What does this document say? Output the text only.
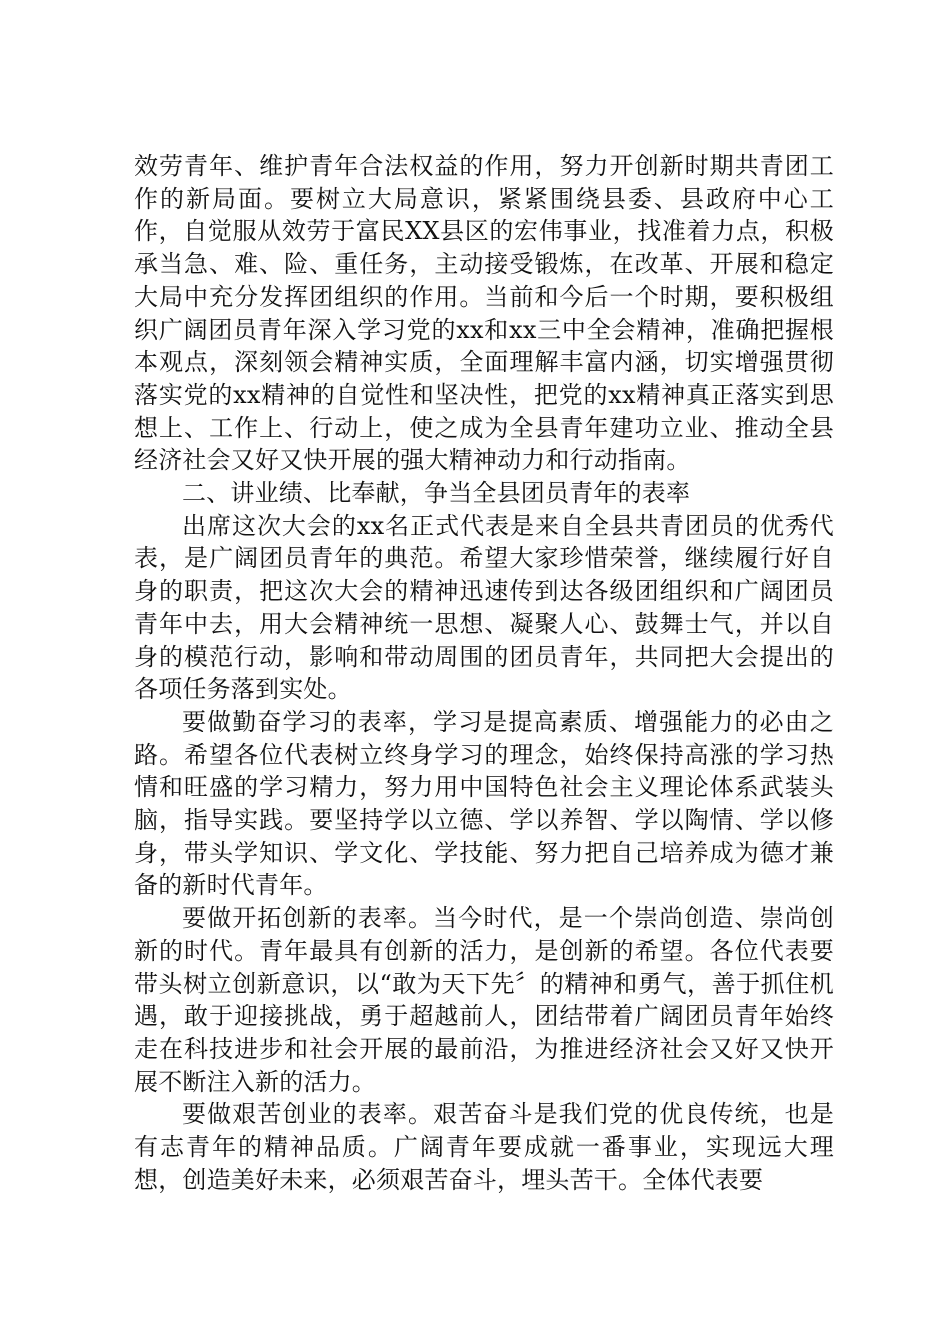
效劳青年、维护青年合法权益的作用，努力开创新时期共青团工作的新局面。要树立大局意识，紧紧围绕县委、县政府中心工作，自觉服从效劳于富民XX县区的宏伟事业，找准着力点，积极承当急、难、险、重任务，主动接受锻炼，在改革、开展和稳定大局中充分发挥团组织的作用。当前和今后一个时期，要积极组织广阔团员青年深入学习党的xx和xx三中全会精神，准确把握根本观点，深刻领会精神实质，全面理解丰富内涵，切实增强贯彻落实党的xx精神的自觉性和坚决性，把党的xx精神真正落实到思想上、工作上、行动上，使之成为全县青年建功立业、推动全县经济社会又好又快开展的强大精神动力和行动指南。

二、讲业绩、比奉献，争当全县团员青年的表率

出席这次大会的xx名正式代表是来自全县共青团员的优秀代表，是广阔团员青年的典范。希望大家珍惜荣誉，继续履行好自身的职责，把这次大会的精神迅速传到达各级团组织和广阔团员青年中去，用大会精神统一思想、凝聚人心、鼓舞士气，并以自身的模范行动，影响和带动周围的团员青年，共同把大会提出的各项任务落到实处。

要做勤奋学习的表率，学习是提高素质、增强能力的必由之路。希望各位代表树立终身学习的理念，始终保持高涨的学习热情和旺盛的学习精力，努力用中国特色社会主义理论体系武装头脑，指导实践。要坚持学以立德、学以养智、学以陶情、学以修身，带头学知识、学文化、学技能、努力把自己培养成为德才兼备的新时代青年。

要做开拓创新的表率。当今时代，是一个崇尚创造、崇尚创新的时代。青年最具有创新的活力，是创新的希望。各位代表要带头树立创新意识，以“敢为天下先〞的精神和勇气，善于抓住机遇，敢于迎接挑战，勇于超越前人，团结带着广阔团员青年始终走在科技进步和社会开展的最前沿，为推进经济社会又好又快开展不断注入新的活力。

要做艰苦创业的表率。艰苦奋斗是我们党的优良传统，也是有志青年的精神品质。广阔青年要成就一番事业，实现远大理想，创造美好未来，必须艰苦奋斗，埋头苦干。全体代表要
